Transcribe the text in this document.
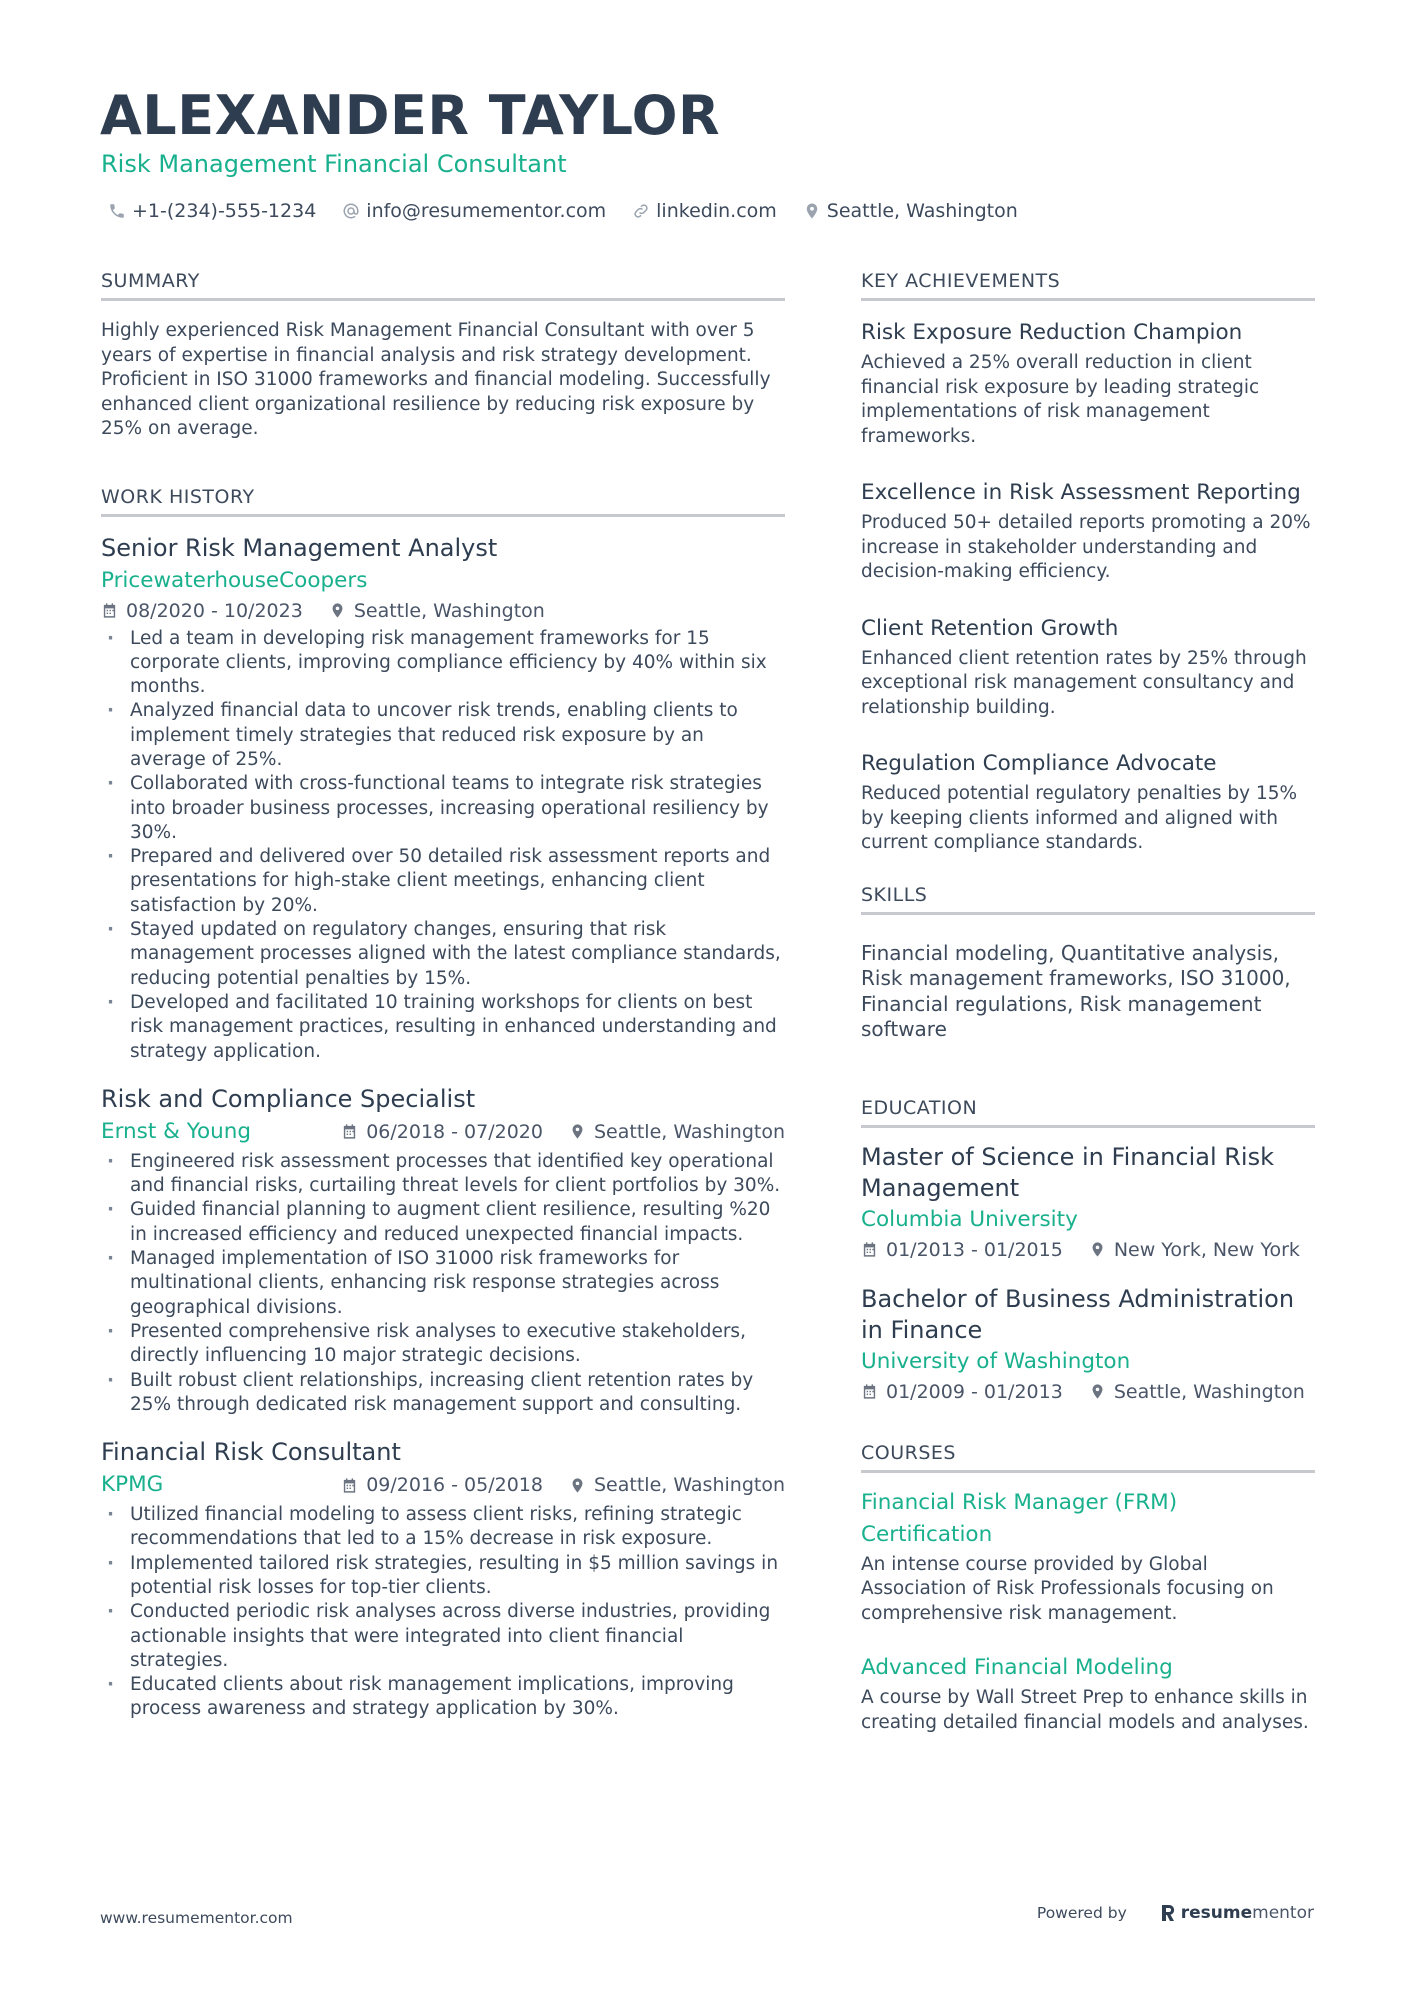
ALEXANDER TAYLOR
Risk Management Financial Consultant
+1-(234)-555-1234	info@resumementor.com	linkedin.com	Seattle, Washington
SUMMARY
Highly experienced Risk Management Financial Consultant with over 5 years of expertise in financial analysis and risk strategy development. Proficient in ISO 31000 frameworks and financial modeling. Successfully enhanced client organizational resilience by reducing risk exposure by 25% on average.
WORK HISTORY
Senior Risk Management Analyst
PricewaterhouseCoopers
08/2020 - 10/2023	Seattle, Washington
· Led a team in developing risk management frameworks for 15 corporate clients, improving compliance efficiency by 40% within six months.
· Analyzed financial data to uncover risk trends, enabling clients to implement timely strategies that reduced risk exposure by an average of 25%.
· Collaborated with cross-functional teams to integrate risk strategies into broader business processes, increasing operational resiliency by 30%.
· Prepared and delivered over 50 detailed risk assessment reports and presentations for high-stake client meetings, enhancing client satisfaction by 20%.
· Stayed updated on regulatory changes, ensuring that risk management processes aligned with the latest compliance standards, reducing potential penalties by 15%.
· Developed and facilitated 10 training workshops for clients on best risk management practices, resulting in enhanced understanding and strategy application.
Risk and Compliance Specialist
Ernst & Young	06/2018 - 07/2020	Seattle, Washington
· Engineered risk assessment processes that identified key operational and financial risks, curtailing threat levels for client portfolios by 30%.
· Guided financial planning to augment client resilience, resulting %20 in increased efficiency and reduced unexpected financial impacts.
· Managed implementation of ISO 31000 risk frameworks for multinational clients, enhancing risk response strategies across geographical divisions.
· Presented comprehensive risk analyses to executive stakeholders, directly influencing 10 major strategic decisions.
· Built robust client relationships, increasing client retention rates by 25% through dedicated risk management support and consulting.
Financial Risk Consultant
KPMG	09/2016 - 05/2018	Seattle, Washington
· Utilized financial modeling to assess client risks, refining strategic recommendations that led to a 15% decrease in risk exposure.
· Implemented tailored risk strategies, resulting in $5 million savings in potential risk losses for top-tier clients.
· Conducted periodic risk analyses across diverse industries, providing actionable insights that were integrated into client financial strategies.
· Educated clients about risk management implications, improving process awareness and strategy application by 30%.
KEY ACHIEVEMENTS
Risk Exposure Reduction Champion
Achieved a 25% overall reduction in client financial risk exposure by leading strategic implementations of risk management frameworks.
Excellence in Risk Assessment Reporting
Produced 50+ detailed reports promoting a 20% increase in stakeholder understanding and decision-making efficiency.
Client Retention Growth
Enhanced client retention rates by 25% through exceptional risk management consultancy and relationship building.
Regulation Compliance Advocate
Reduced potential regulatory penalties by 15% by keeping clients informed and aligned with current compliance standards.
SKILLS
Financial modeling, Quantitative analysis, Risk management frameworks, ISO 31000, Financial regulations, Risk management software
EDUCATION
Master of Science in Financial Risk Management
Columbia University
01/2013 - 01/2015	New York, New York
Bachelor of Business Administration in Finance
University of Washington
01/2009 - 01/2013	Seattle, Washington
COURSES
Financial Risk Manager (FRM) Certification
An intense course provided by Global Association of Risk Professionals focusing on comprehensive risk management.
Advanced Financial Modeling
A course by Wall Street Prep to enhance skills in creating detailed financial models and analyses.
www.resumementor.com	Powered by	resume mentor
